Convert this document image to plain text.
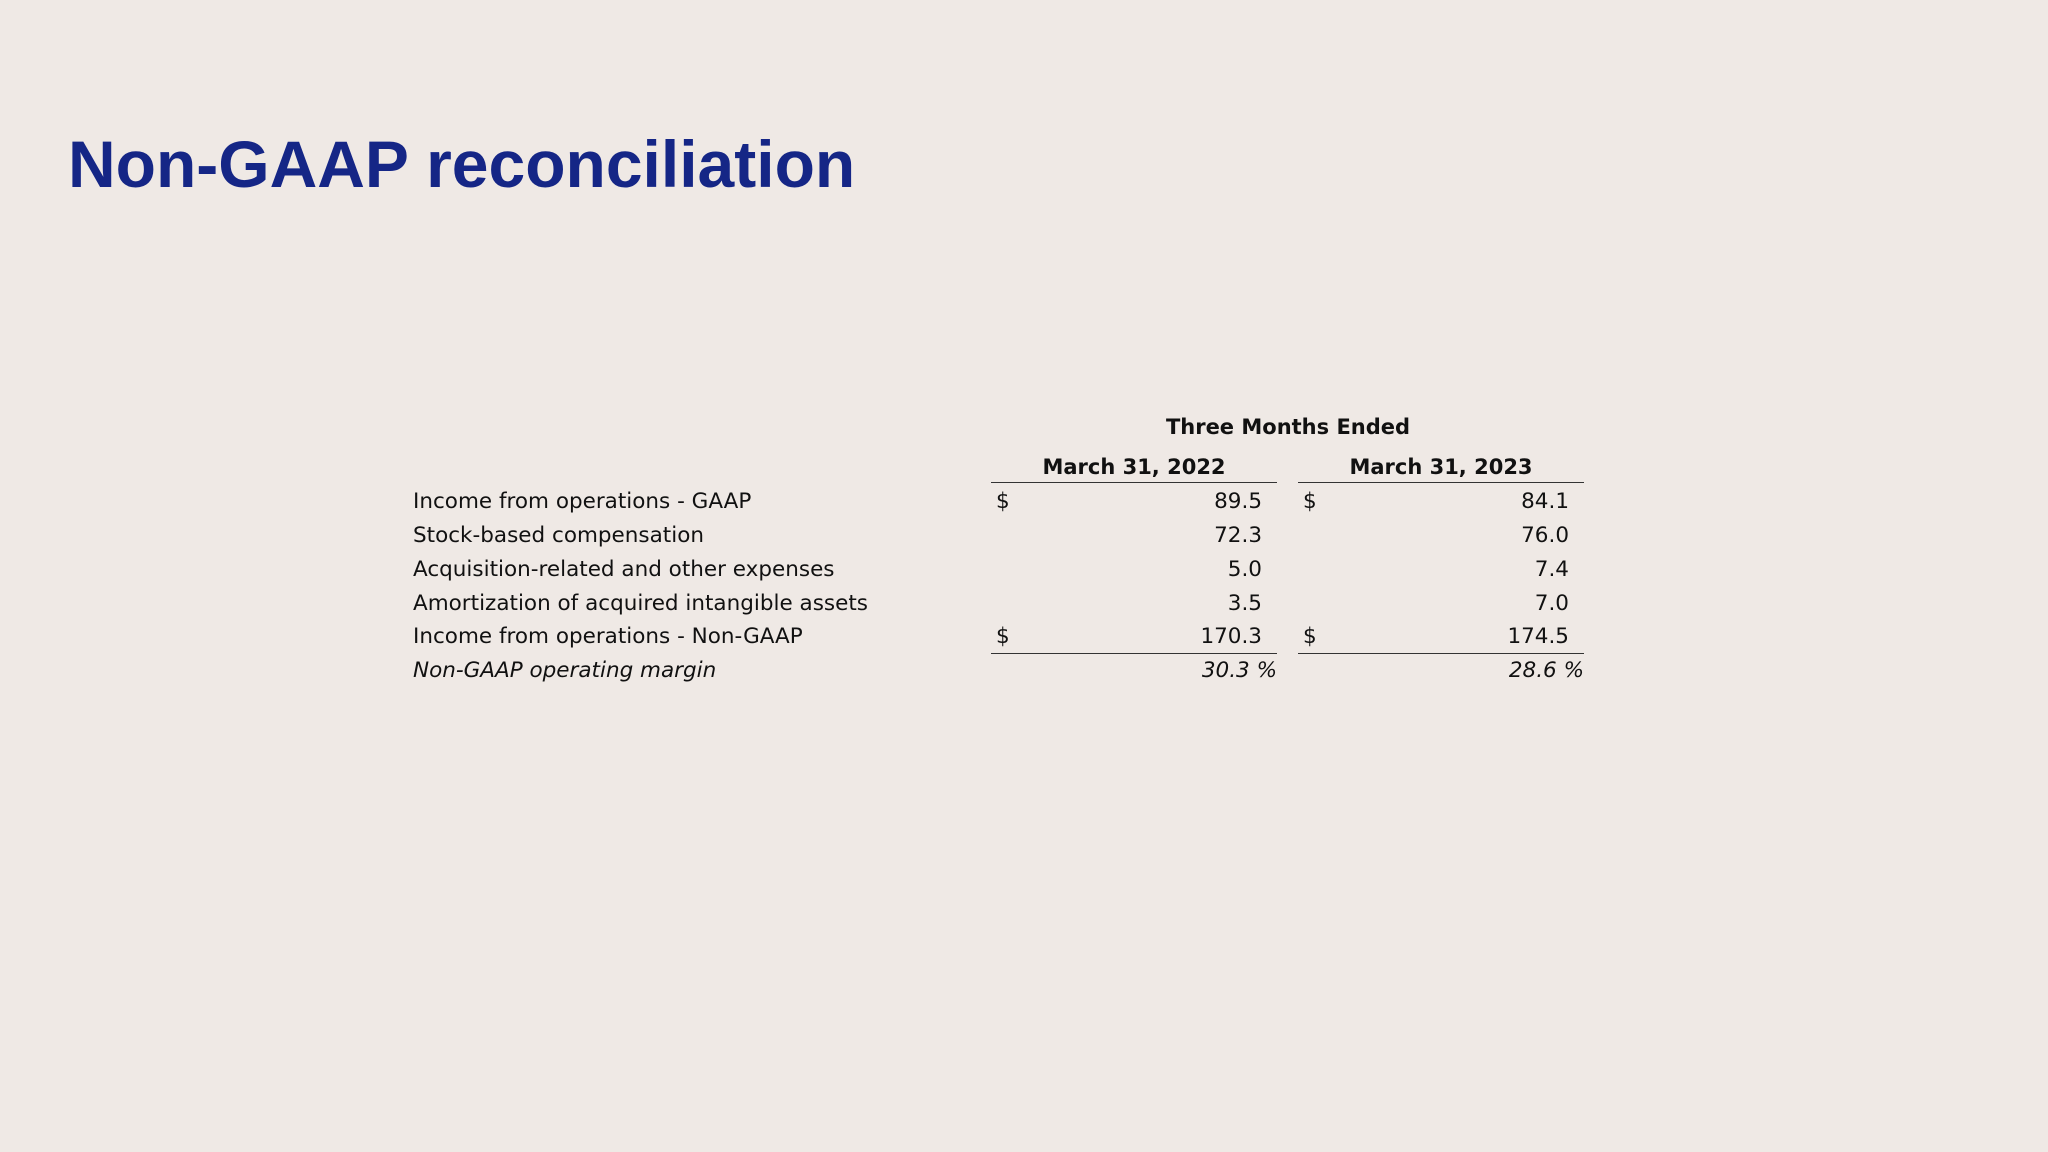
Non-GAAP reconciliation
Three Months Ended
March 31, 2022	March 31, 2023
Income from operations - GAAP	$	89.5 $	84.1
Stock-based compensation	72.3	76.0
Acquisition-related and other expenses	5.0	7.4
Amortization of acquired intangible assets	3.5	7.0
Income from operations - Non-GAAP	$	170.3 $	174.5
Non-GAAP operating margin	30.3 %	28.6 %
